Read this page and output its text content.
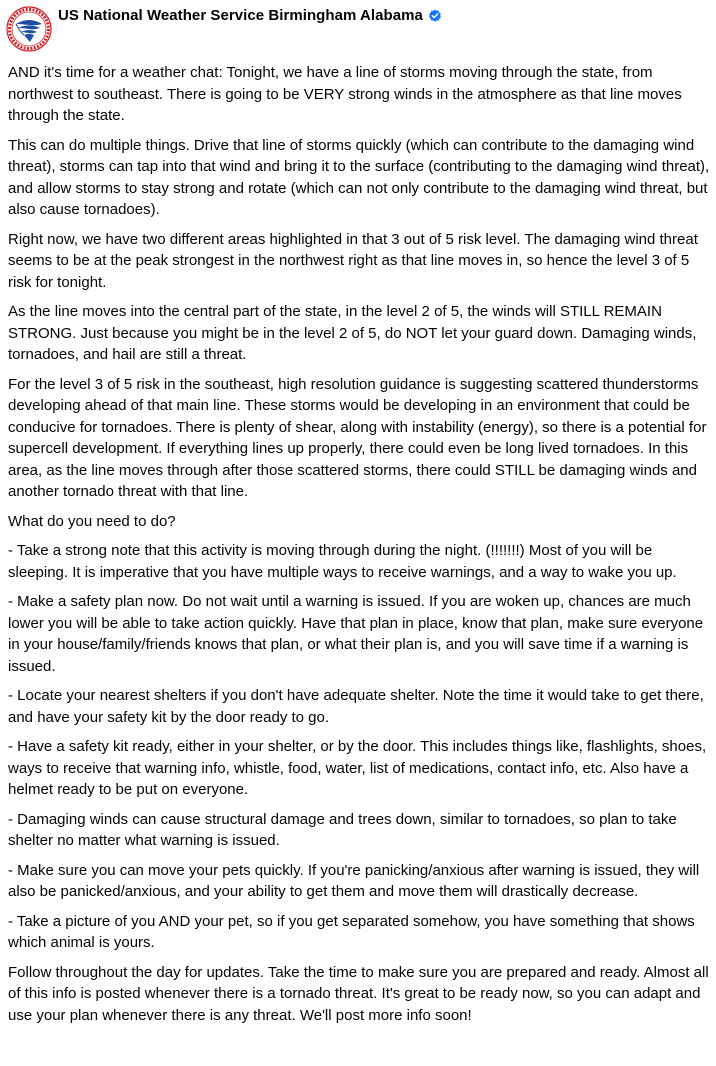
US National Weather Service Birmingham Alabama

AND it's time for a weather chat: Tonight, we have a line of storms moving through the state, from northwest to southeast. There is going to be VERY strong winds in the atmosphere as that line moves through the state.

This can do multiple things. Drive that line of storms quickly (which can contribute to the damaging wind threat), storms can tap into that wind and bring it to the surface (contributing to the damaging wind threat), and allow storms to stay strong and rotate (which can not only contribute to the damaging wind threat, but also cause tornadoes).

Right now, we have two different areas highlighted in that 3 out of 5 risk level. The damaging wind threat seems to be at the peak strongest in the northwest right as that line moves in, so hence the level 3 of 5 risk for tonight.

As the line moves into the central part of the state, in the level 2 of 5, the winds will STILL REMAIN STRONG. Just because you might be in the level 2 of 5, do NOT let your guard down. Damaging winds, tornadoes, and hail are still a threat.

For the level 3 of 5 risk in the southeast, high resolution guidance is suggesting scattered thunderstorms developing ahead of that main line. These storms would be developing in an environment that could be conducive for tornadoes. There is plenty of shear, along with instability (energy), so there is a potential for supercell development. If everything lines up properly, there could even be long lived tornadoes. In this area, as the line moves through after those scattered storms, there could STILL be damaging winds and another tornado threat with that line.

What do you need to do?

- Take a strong note that this activity is moving through during the night. (!!!!!!!) Most of you will be sleeping. It is imperative that you have multiple ways to receive warnings, and a way to wake you up.

- Make a safety plan now. Do not wait until a warning is issued. If you are woken up, chances are much lower you will be able to take action quickly. Have that plan in place, know that plan, make sure everyone in your house/family/friends knows that plan, or what their plan is, and you will save time if a warning is issued.

- Locate your nearest shelters if you don't have adequate shelter. Note the time it would take to get there, and have your safety kit by the door ready to go.

- Have a safety kit ready, either in your shelter, or by the door. This includes things like, flashlights, shoes, ways to receive that warning info, whistle, food, water, list of medications, contact info, etc. Also have a helmet ready to be put on everyone.

- Damaging winds can cause structural damage and trees down, similar to tornadoes, so plan to take shelter no matter what warning is issued.

- Make sure you can move your pets quickly. If you're panicking/anxious after warning is issued, they will also be panicked/anxious, and your ability to get them and move them will drastically decrease.

- Take a picture of you AND your pet, so if you get separated somehow, you have something that shows which animal is yours.

Follow throughout the day for updates. Take the time to make sure you are prepared and ready. Almost all of this info is posted whenever there is a tornado threat. It's great to be ready now, so you can adapt and use your plan whenever there is any threat. We'll post more info soon!
